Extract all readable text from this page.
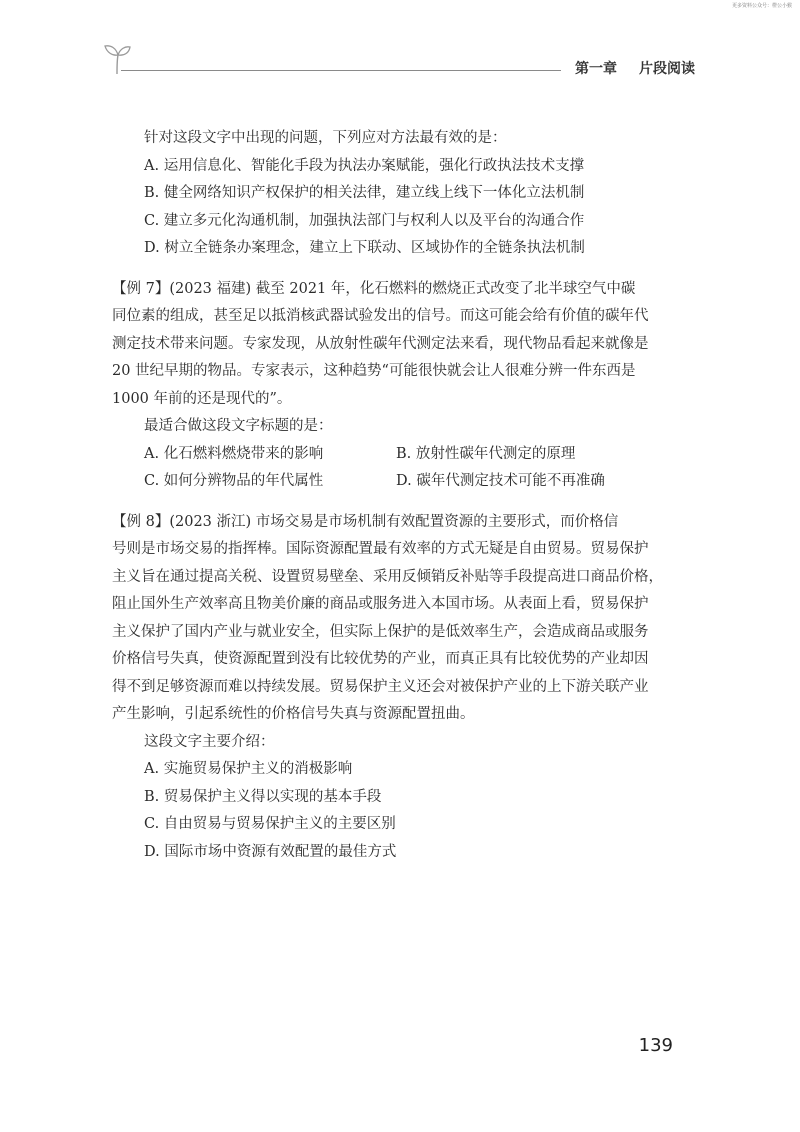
更多资料公众号：橙公小猴
第一章 片段阅读

针对这段文字中出现的问题，下列应对方法最有效的是：

A. 运用信息化、智能化手段为执法办案赋能，强化行政执法技术支撑

B. 健全网络知识产权保护的相关法律，建立线上线下一体化立法机制

C. 建立多元化沟通机制，加强执法部门与权利人以及平台的沟通合作

D. 树立全链条办案理念，建立上下联动、区域协作的全链条执法机制

【例 7】(2023 福建) 截至 2021 年，化石燃料的燃烧正式改变了北半球空气中碳

同位素的组成，甚至足以抵消核武器试验发出的信号。而这可能会给有价值的碳年代

测定技术带来问题。专家发现，从放射性碳年代测定法来看，现代物品看起来就像是

20 世纪早期的物品。专家表示，这种趋势“可能很快就会让人很难分辨一件东西是

1000 年前的还是现代的”。

最适合做这段文字标题的是：

A. 化石燃料燃烧带来的影响	B. 放射性碳年代测定的原理
C. 如何分辨物品的年代属性	D. 碳年代测定技术可能不再准确

【例 8】(2023 浙江) 市场交易是市场机制有效配置资源的主要形式，而价格信

号则是市场交易的指挥棒。国际资源配置最有效率的方式无疑是自由贸易。贸易保护

主义旨在通过提高关税、设置贸易壁垒、采用反倾销反补贴等手段提高进口商品价格，

阻止国外生产效率高且物美价廉的商品或服务进入本国市场。从表面上看，贸易保护

主义保护了国内产业与就业安全，但实际上保护的是低效率生产，会造成商品或服务

价格信号失真，使资源配置到没有比较优势的产业，而真正具有比较优势的产业却因

得不到足够资源而难以持续发展。贸易保护主义还会对被保护产业的上下游关联产业

产生影响，引起系统性的价格信号失真与资源配置扭曲。

这段文字主要介绍：

A. 实施贸易保护主义的消极影响

B. 贸易保护主义得以实现的基本手段

C. 自由贸易与贸易保护主义的主要区别

D. 国际市场中资源有效配置的最佳方式

139
